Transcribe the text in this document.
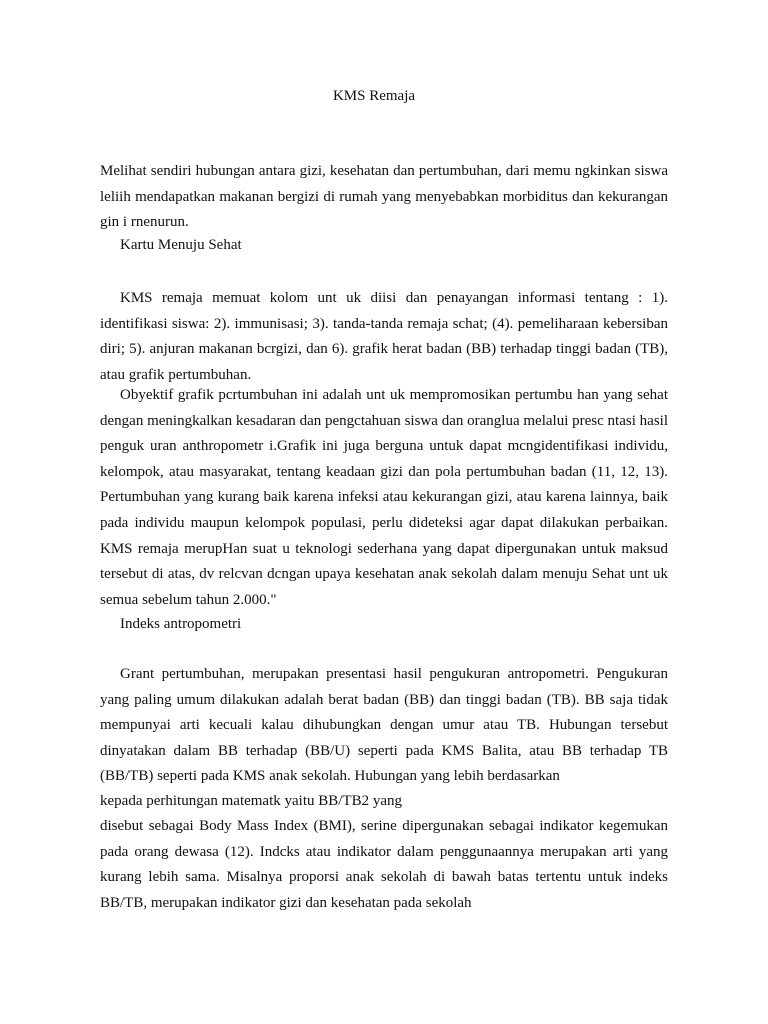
KMS Remaja
Melihat sendiri hubungan antara gizi, kesehatan dan pertumbuhan, dari memu ngkinkan siswa leliih mendapatkan makanan bergizi di rumah yang menyebabkan morbiditus dan kekurangan gin i rnenurun.
Kartu Menuju Sehat
KMS remaja memuat kolom unt uk diisi dan penayangan informasi tentang : 1). identifikasi siswa: 2). immunisasi; 3). tanda-tanda remaja schat; (4). pemeliharaan kebersiban diri; 5). anjuran makanan bcrgizi, dan 6). grafik herat badan (BB) terhadap tinggi badan (TB), atau grafik pertumbuhan.
Obyektif grafik pcrtumbuhan ini adalah unt uk mempromosikan pertumbu han yang sehat dengan meningkalkan kesadaran dan pengctahuan siswa dan oranglua melalui presc ntasi hasil penguk uran anthropometr i.Grafik ini juga berguna untuk dapat mcngidentifikasi individu, kelompok, atau masyarakat, tentang keadaan gizi dan pola pertumbuhan badan (11, 12, 13). Pertumbuhan yang kurang baik karena infeksi atau kekurangan gizi, atau karena lainnya, baik pada individu maupun kelompok populasi, perlu dideteksi agar dapat dilakukan perbaikan. KMS remaja merupHan suat u teknologi sederhana yang dapat dipergunakan untuk maksud tersebut di atas, dv relcvan dcngan upaya kesehatan anak sekolah dalam menuju Sehat unt uk semua sebelum tahun 2.000."
Indeks antropometri
Grant pertumbuhan, merupakan presentasi hasil pengukuran antropometri. Pengukuran yang paling umum dilakukan adalah berat badan (BB) dan tinggi badan (TB). BB saja tidak mempunyai arti kecuali kalau dihubungkan dengan umur atau TB. Hubungan tersebut dinyatakan dalam BB terhadap (BB/U) seperti pada KMS Balita, atau BB terhadap TB (BB/TB) seperti pada KMS anak sekolah. Hubungan yang lebih berdasarkan
kepada perhitungan matematk yaitu BB/TB2 yang
disebut sebagai Body Mass Index (BMI), serine dipergunakan sebagai indikator kegemukan pada orang dewasa (12). Indcks atau indikator dalam penggunaannya merupakan arti yang kurang lebih sama. Misalnya proporsi anak sekolah di bawah batas tertentu untuk indeks BB/TB, merupakan indikator gizi dan kesehatan pada sekolah
